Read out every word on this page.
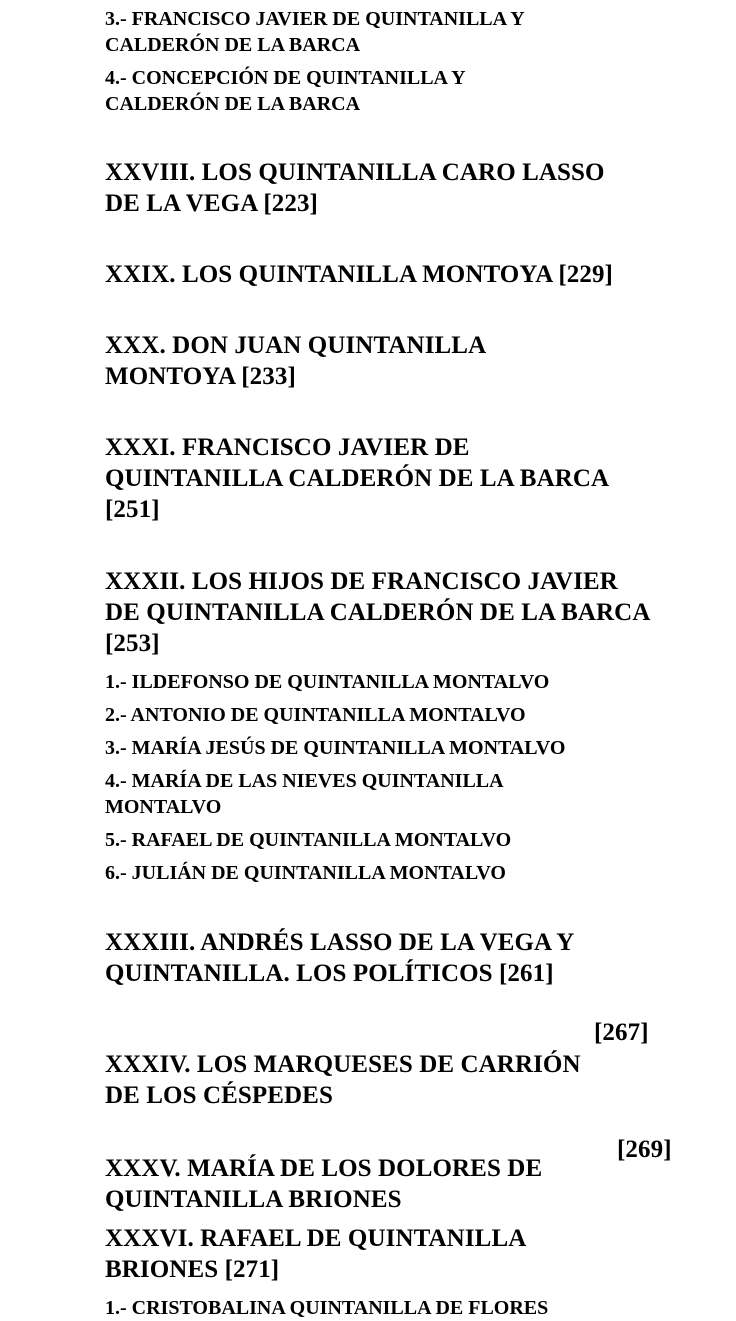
3.- FRANCISCO JAVIER DE QUINTANILLA Y CALDERÓN DE LA BARCA

4.- CONCEPCIÓN DE QUINTANILLA Y CALDERÓN DE LA BARCA

XXVIII. LOS QUINTANILLA CARO LASSO DE LA VEGA [223]

XXIX. LOS QUINTANILLA MONTOYA [229]

XXX. DON JUAN QUINTANILLA MONTOYA [233]

XXXI. FRANCISCO JAVIER DE QUINTANILLA CALDERÓN DE LA BARCA [251]

XXXII. LOS HIJOS DE FRANCISCO JAVIER DE QUINTANILLA CALDERÓN DE LA BARCA [253]

1.- ILDEFONSO DE QUINTANILLA MONTALVO

2.- ANTONIO DE QUINTANILLA MONTALVO

3.- MARÍA JESÚS DE QUINTANILLA MONTALVO

4.- MARÍA DE LAS NIEVES QUINTANILLA MONTALVO

5.- RAFAEL DE QUINTANILLA MONTALVO

6.- JULIÁN DE QUINTANILLA MONTALVO

XXXIII. ANDRÉS LASSO DE LA VEGA Y QUINTANILLA. LOS POLÍTICOS [261]

XXXIV. LOS MARQUESES DE CARRIÓN DE LOS CÉSPEDES
[267]

XXXV. MARÍA DE LOS DOLORES DE QUINTANILLA BRIONES
[269]

XXXVI. RAFAEL DE QUINTANILLA BRIONES [271]

1.- CRISTOBALINA QUINTANILLA DE FLORES
